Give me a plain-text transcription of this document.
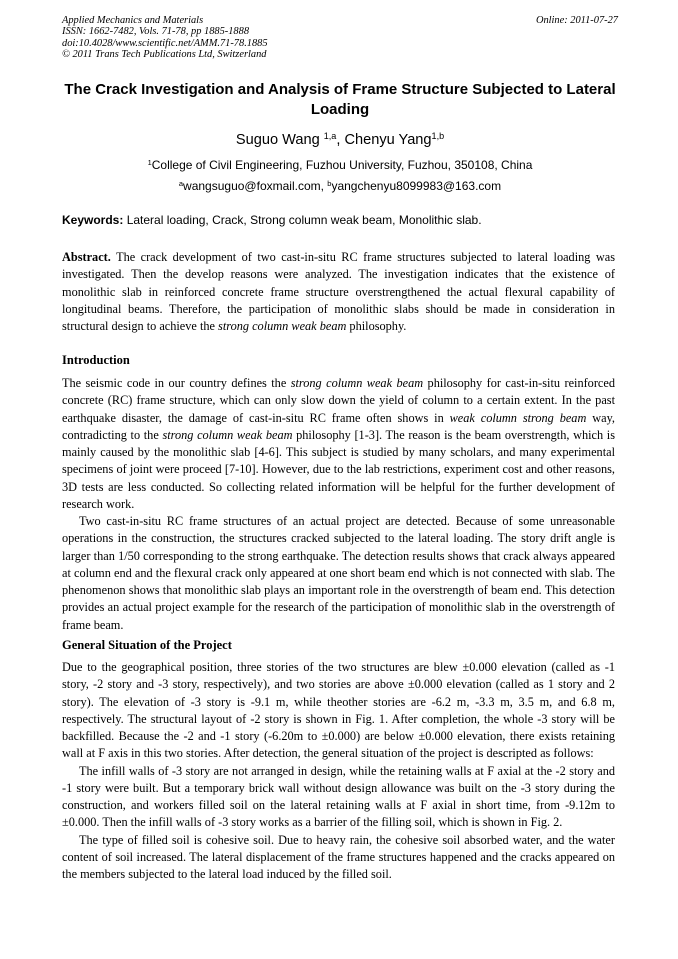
Applied Mechanics and Materials
ISSN: 1662-7482, Vols. 71-78, pp 1885-1888
doi:10.4028/www.scientific.net/AMM.71-78.1885
© 2011 Trans Tech Publications Ltd, Switzerland
Online: 2011-07-27
The Crack Investigation and Analysis of Frame Structure Subjected to Lateral Loading
Suguo Wang $^{1,a}$, Chenyu Yang$^{1,b}$
$^1$College of Civil Engineering, Fuzhou University, Fuzhou, 350108, China
$^a$wangsuguo@foxmail.com, $^b$yangchenyu8099983@163.com
Keywords: Lateral loading, Crack, Strong column weak beam, Monolithic slab.

Abstract. The crack development of two cast-in-situ RC frame structures subjected to lateral loading was investigated. Then the develop reasons were analyzed. The investigation indicates that the existence of monolithic slab in reinforced concrete frame structure overstrengthened the actual flexural capability of longitudinal beams. Therefore, the participation of monolithic slabs should be made in consideration in structural design to achieve the strong column weak beam philosophy.

Introduction

The seismic code in our country defines the strong column weak beam philosophy for cast-in-situ reinforced concrete (RC) frame structure, which can only slow down the yield of column to a certain extent. In the past earthquake disaster, the damage of cast-in-situ RC frame often shows in weak column strong beam way, contradicting to the strong column weak beam philosophy [1-3]. The reason is the beam overstrength, which is mainly caused by the monolithic slab [4-6]. This subject is studied by many scholars, and many experimental specimens of joint were proceed [7-10]. However, due to the lab restrictions, experiment cost and other reasons, 3D tests are less conducted. So collecting related information will be helpful for the further development of research work.

Two cast-in-situ RC frame structures of an actual project are detected. Because of some unreasonable operations in the construction, the structures cracked subjected to the lateral loading. The story drift angle is larger than 1/50 corresponding to the strong earthquake. The detection results shows that crack always appeared at column end and the flexural crack only appeared at one short beam end which is not connected with slab. The phenomenon shows that monolithic slab plays an important role in the overstrength of beam end. This detection provides an actual project example for the research of the participation of monolithic slab in the overstrength of frame beam.

General Situation of the Project

Due to the geographical position, three stories of the two structures are blew ±0.000 elevation (called as -1 story, -2 story and -3 story, respectively), and two stories are above ±0.000 elevation (called as 1 story and 2 story). The elevation of -3 story is -9.1 m, while theother stories are -6.2 m, -3.3 m, 3.5 m, and 6.8 m, respectively. The structural layout of -2 story is shown in Fig. 1. After completion, the whole -3 story will be backfilled. Because the -2 and -1 story (-6.20m to ±0.000) are below ±0.000 elevation, there exists retaining wall at F axis in this two stories. After detection, the general situation of the project is descripted as follows:

The infill walls of -3 story are not arranged in design, while the retaining walls at F axial at the -2 story and -1 story were built. But a temporary brick wall without design allowance was built on the -3 story during the construction, and workers filled soil on the lateral retaining walls at F axial in short time, from -9.12m to ±0.000. Then the infill walls of -3 story works as a barrier of the filling soil, which is shown in Fig. 2.

The type of filled soil is cohesive soil. Due to heavy rain, the cohesive soil absorbed water, and the water content of soil increased. The lateral displacement of the frame structures happened and the cracks appeared on the members subjected to the lateral load induced by the filled soil.
